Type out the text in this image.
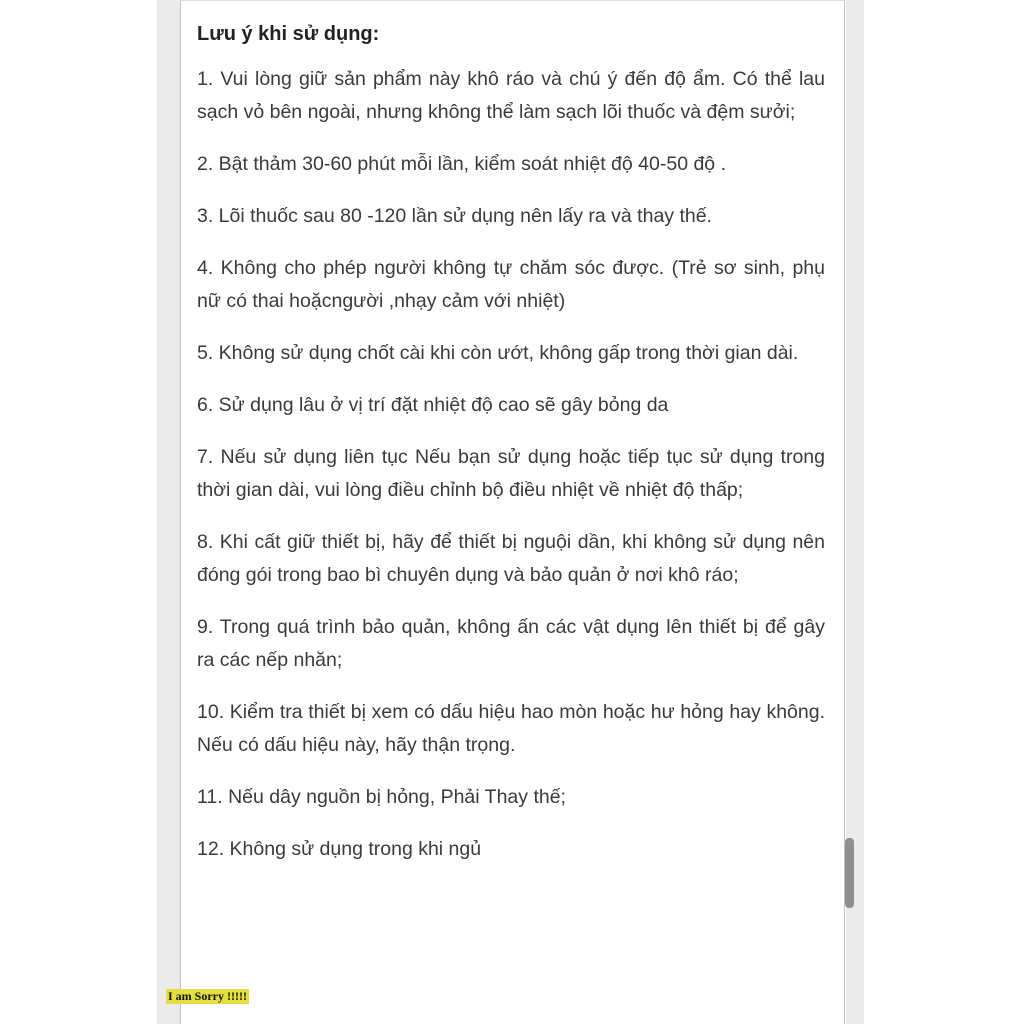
Lưu ý khi sử dụng:

1. Vui lòng giữ sản phẩm này khô ráo và chú ý đến độ ẩm. Có thể lau sạch vỏ bên ngoài, nhưng không thể làm sạch lõi thuốc và đệm sưởi;

2. Bật thảm 30-60 phút mỗi lần, kiểm soát nhiệt độ 40-50 độ .

3. Lõi thuốc sau 80 -120 lần sử dụng nên lấy ra và thay thế.

4. Không cho phép người không tự chăm sóc được. (Trẻ sơ sinh, phụ nữ có thai hoặcngười ,nhạy cảm với nhiệt)

5. Không sử dụng chốt cài khi còn ướt, không gấp trong thời gian dài.

6. Sử dụng lâu ở vị trí đặt nhiệt độ cao sẽ gây bỏng da

7. Nếu sử dụng liên tục Nếu bạn sử dụng hoặc tiếp tục sử dụng trong thời gian dài, vui lòng điều chỉnh bộ điều nhiệt về nhiệt độ thấp;

8. Khi cất giữ thiết bị, hãy để thiết bị nguội dần, khi không sử dụng nên đóng gói trong bao bì chuyên dụng và bảo quản ở nơi khô ráo;

9. Trong quá trình bảo quản, không ấn các vật dụng lên thiết bị để gây ra các nếp nhăn;

10. Kiểm tra thiết bị xem có dấu hiệu hao mòn hoặc hư hỏng hay không. Nếu có dấu hiệu này, hãy thận trọng.

11. Nếu dây nguồn bị hỏng, Phải Thay thế;

12. Không sử dụng trong khi ngủ

I am Sorry !!!!!
